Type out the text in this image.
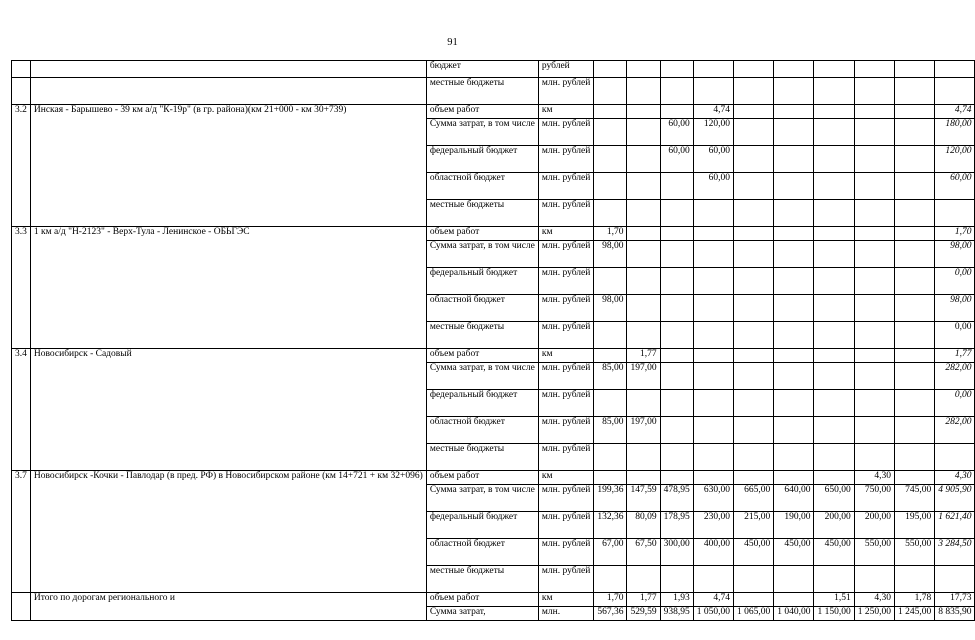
91
		бюджет	рублей										
		местные бюджеты	млн. рублей										
3.2	Инская - Барышево - 39 км а/д "К-19р" (в гр. района)(км 21+000 - км 30+739)	объем работ	км				4,74						4,74
		Сумма затрат, в том числе	млн. рублей			60,00	120,00						180,00
		федеральный бюджет	млн. рублей			60,00	60,00						120,00
		областной бюджет	млн. рублей				60,00						60,00
		местные бюджеты	млн. рублей										
3.3	1 км а/д "Н-2123" - Верх-Тула - Ленинское - ОБЬГЭС	объем работ	км	1,70									1,70
		Сумма затрат, в том числе	млн. рублей	98,00									98,00
		федеральный бюджет	млн. рублей										0,00
		областной бюджет	млн. рублей	98,00									98,00
		местные бюджеты	млн. рублей										0,00
3.4	Новосибирск - Садовый	объем работ	км		1,77								1,77
		Сумма затрат, в том числе	млн. рублей	85,00	197,00								282,00
		федеральный бюджет	млн. рублей										0,00
		областной бюджет	млн. рублей	85,00	197,00								282,00
		местные бюджеты	млн. рублей										
3.7	Новосибирск -Кочки - Павлодар (в пред. РФ) в Новосибирском районе (км 14+721 + км 32+096)	объем работ	км								4,30		4,30
		Сумма затрат, в том числе	млн. рублей	199,36	147,59	478,95	630,00	665,00	640,00	650,00	750,00	745,00	4 905,90
		федеральный бюджет	млн. рублей	132,36	80,09	178,95	230,00	215,00	190,00	200,00	200,00	195,00	1 621,40
		областной бюджет	млн. рублей	67,00	67,50	300,00	400,00	450,00	450,00	450,00	550,00	550,00	3 284,50
		местные бюджеты	млн. рублей										
	Итого по дорогам регионального и	объем работ	км	1,70	1,77	1,93	4,74			1,51	4,30	1,78	17,73
		Сумма затрат,	млн.	567,36	529,59	938,95	1 050,00	1 065,00	1 040,00	1 150,00	1 250,00	1 245,00	8 835,90
